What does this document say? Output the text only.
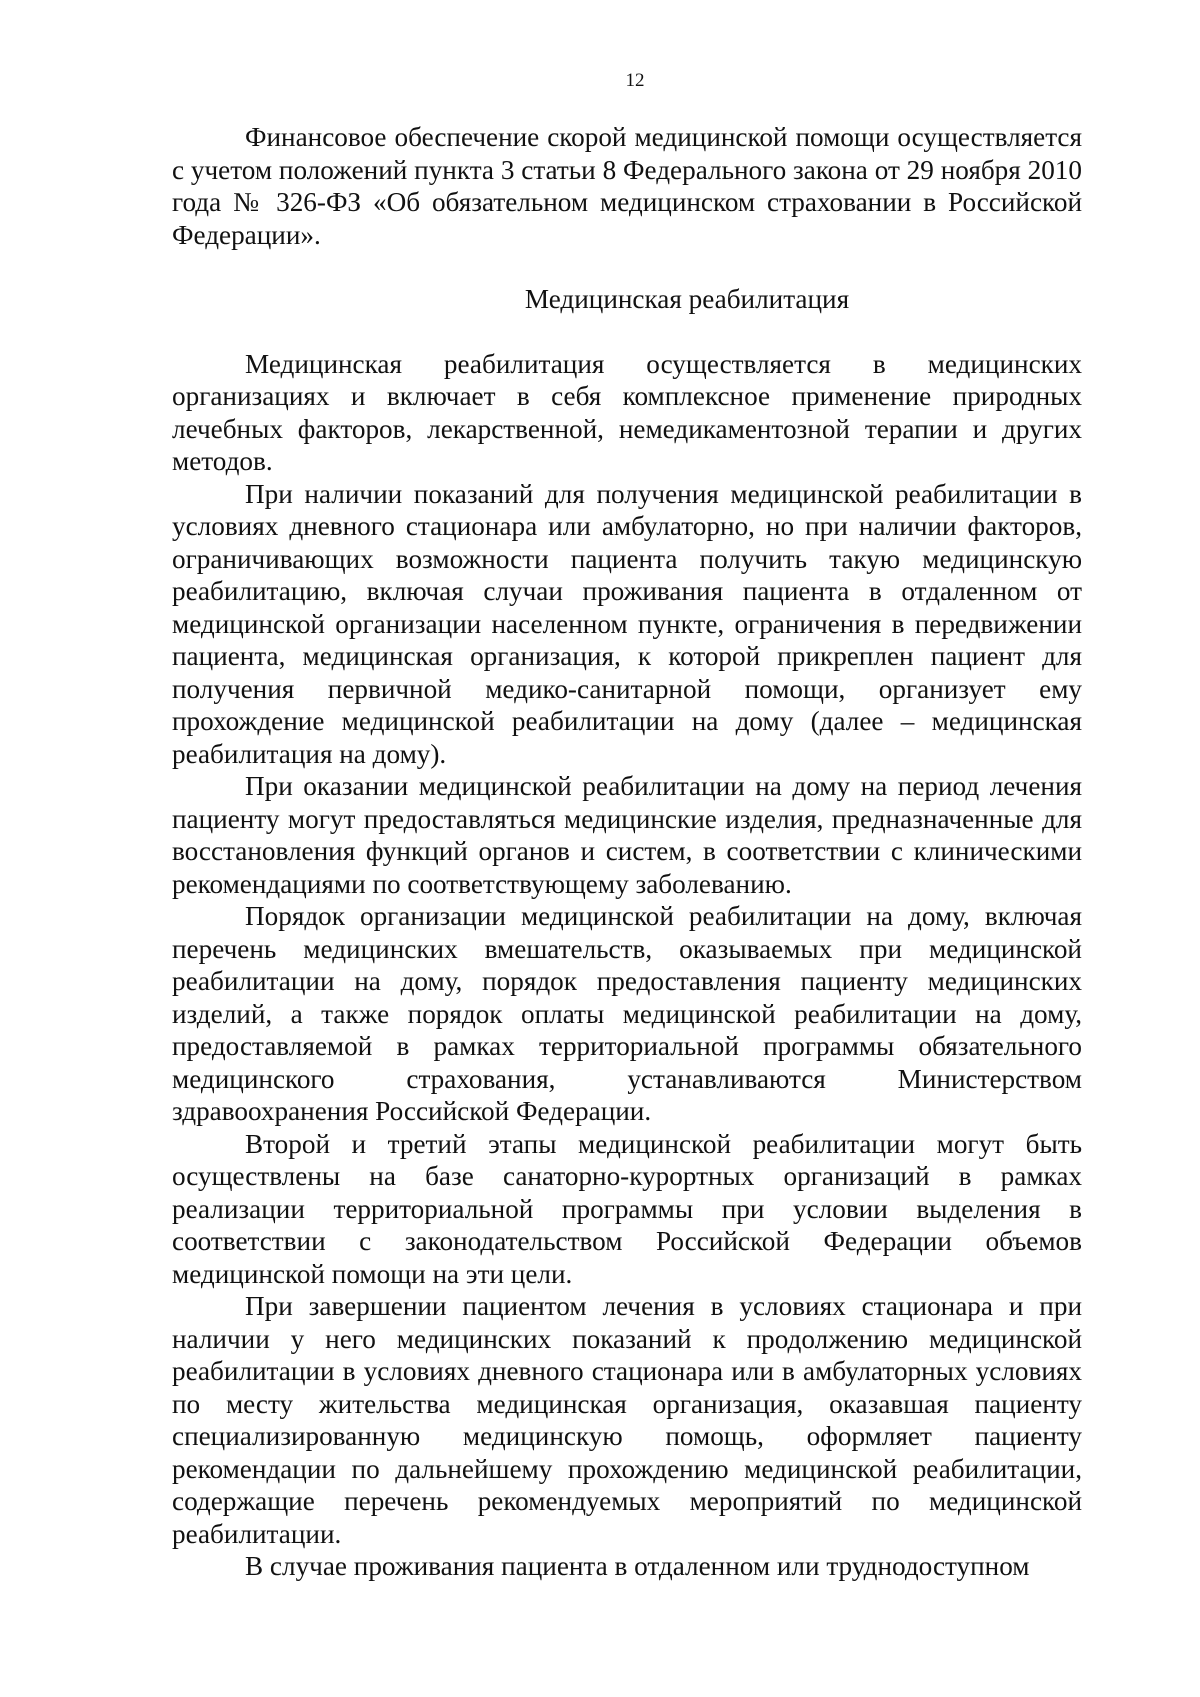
12

Финансовое обеспечение скорой медицинской помощи осуществляется с учетом положений пункта 3 статьи 8 Федерального закона от 29 ноября 2010 года № 326-ФЗ «Об обязательном медицинском страховании в Российской Федерации».

Медицинская реабилитация

Медицинская реабилитация осуществляется в медицинских организациях и включает в себя комплексное применение природных лечебных факторов, лекарственной, немедикаментозной терапии и других методов.

При наличии показаний для получения медицинской реабилитации в условиях дневного стационара или амбулаторно, но при наличии факторов, ограничивающих возможности пациента получить такую медицинскую реабилитацию, включая случаи проживания пациента в отдаленном от медицинской организации населенном пункте, ограничения в передвижении пациента, медицинская организация, к которой прикреплен пациент для получения первичной медико-санитарной помощи, организует ему прохождение медицинской реабилитации на дому (далее – медицинская реабилитация на дому).

При оказании медицинской реабилитации на дому на период лечения пациенту могут предоставляться медицинские изделия, предназначенные для восстановления функций органов и систем, в соответствии с клиническими рекомендациями по соответствующему заболеванию.

Порядок организации медицинской реабилитации на дому, включая перечень медицинских вмешательств, оказываемых при медицинской реабилитации на дому, порядок предоставления пациенту медицинских изделий, а также порядок оплаты медицинской реабилитации на дому, предоставляемой в рамках территориальной программы обязательного медицинского страхования, устанавливаются Министерством здравоохранения Российской Федерации.

Второй и третий этапы медицинской реабилитации могут быть осуществлены на базе санаторно-курортных организаций в рамках реализации территориальной программы при условии выделения в соответствии с законодательством Российской Федерации объемов медицинской помощи на эти цели.

При завершении пациентом лечения в условиях стационара и при наличии у него медицинских показаний к продолжению медицинской реабилитации в условиях дневного стационара или в амбулаторных условиях по месту жительства медицинская организация, оказавшая пациенту специализированную медицинскую помощь, оформляет пациенту рекомендации по дальнейшему прохождению медицинской реабилитации, содержащие перечень рекомендуемых мероприятий по медицинской реабилитации.

В случае проживания пациента в отдаленном или труднодоступном
